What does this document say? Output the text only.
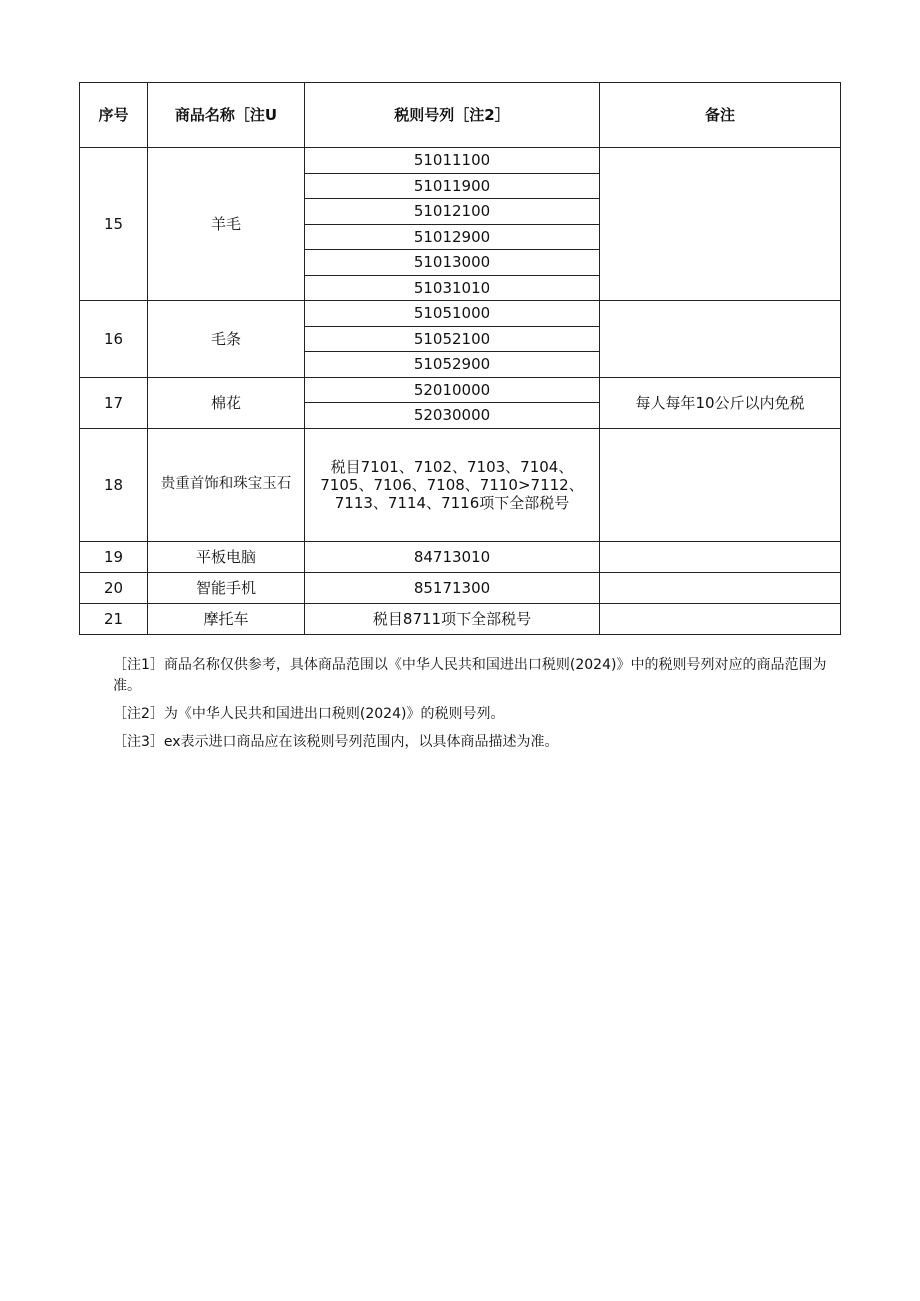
序号	商品名称［注U	税则号列［注2］	备注
15	羊毛	51011100	
		51011900	
		51012100	
		51012900	
		51013000	
		51031010	
16	毛条	51051000	
		51052100	
		51052900	
17	棉花	52010000	每人每年10公斤以内免税
		52030000	
18	贵重首饰和珠宝玉石	税目7101、7102、7103、7104、7105、7106、7108、7110>7112、7113、7114、7116项下全部税号	
19	平板电脑	84713010	
20	智能手机	85171300	
21	摩托车	税目8711项下全部税号	

［注1］商品名称仅供参考，具体商品范围以《中华人民共和国进出口税则(2024)》中的税则号列对应的商品范围为准。

［注2］为《中华人民共和国进出口税则(2024)》的税则号列。

［注3］ex表示进口商品应在该税则号列范围内，以具体商品描述为准。
